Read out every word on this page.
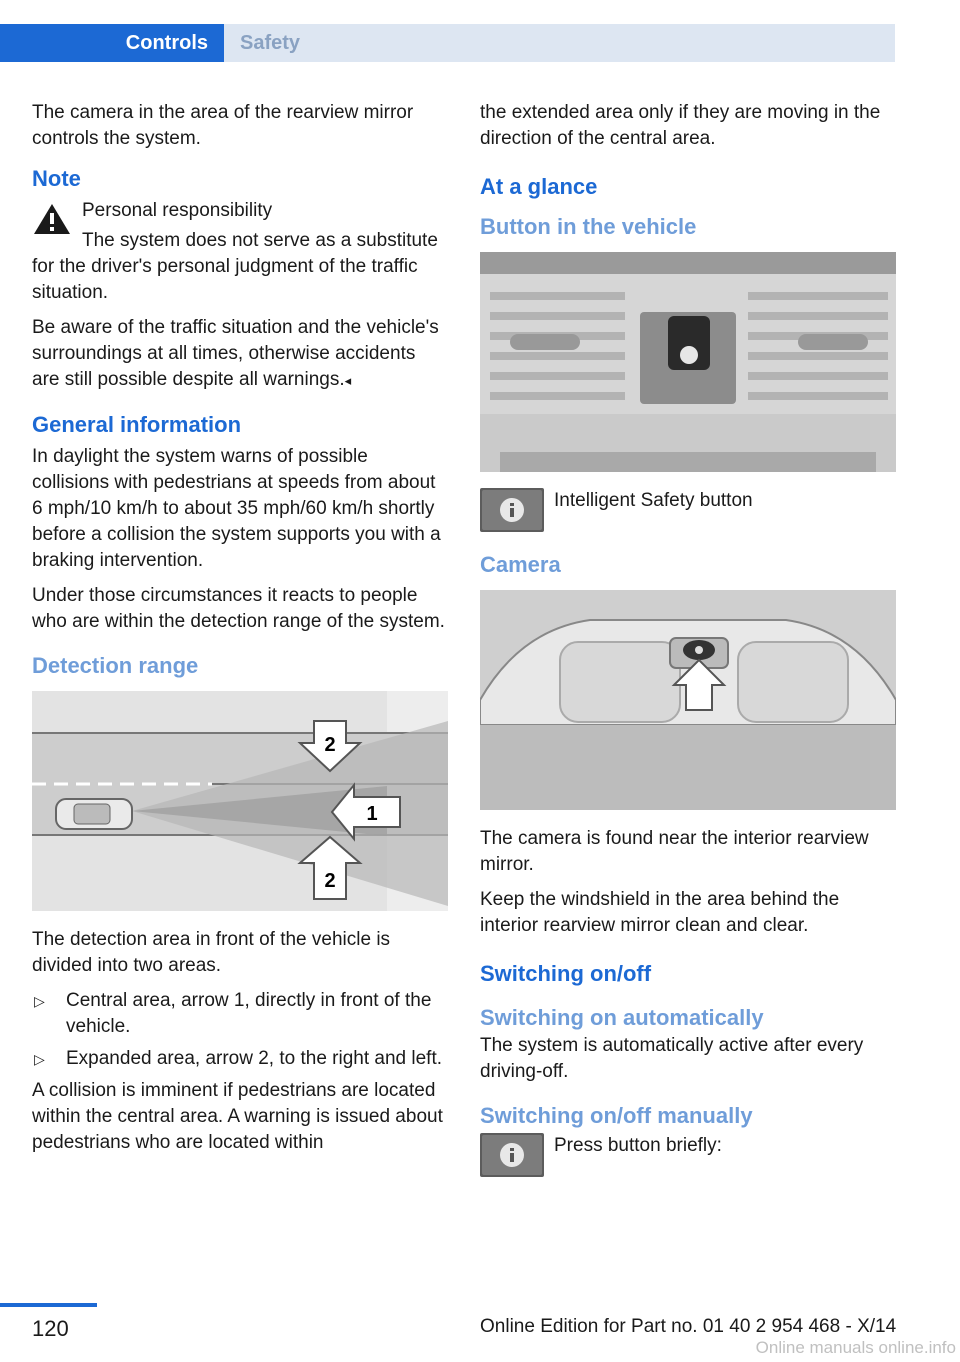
Controls	Safety

The camera in the area of the rearview mirror controls the system.

Note

Personal responsibility

The system does not serve as a substitute for the driver's personal judgment of the traffic situation.

Be aware of the traffic situation and the vehicle's surroundings at all times, otherwise accidents are still possible despite all warnings.◂

General information

In daylight the system warns of possible collisions with pedestrians at speeds from about 6 mph/10 km/h to about 35 mph/60 km/h shortly before a collision the system supports you with a braking intervention.

Under those circumstances it reacts to people who are within the detection range of the system.

Detection range
2
1
2

The detection area in front of the vehicle is divided into two areas.

▷ Central area, arrow 1, directly in front of the vehicle.
▷ Expanded area, arrow 2, to the right and left.

A collision is imminent if pedestrians are located within the central area. A warning is issued about pedestrians who are located within

the extended area only if they are moving in the direction of the central area.

At a glance
Button in the vehicle

Intelligent Safety button

Camera

The camera is found near the interior rearview mirror.

Keep the windshield in the area behind the interior rearview mirror clean and clear.

Switching on/off
Switching on automatically

The system is automatically active after every driving-off.

Switching on/off manually

Press button briefly:

120	Online Edition for Part no. 01 40 2 954 468 - X/14
Online manuals online.info
